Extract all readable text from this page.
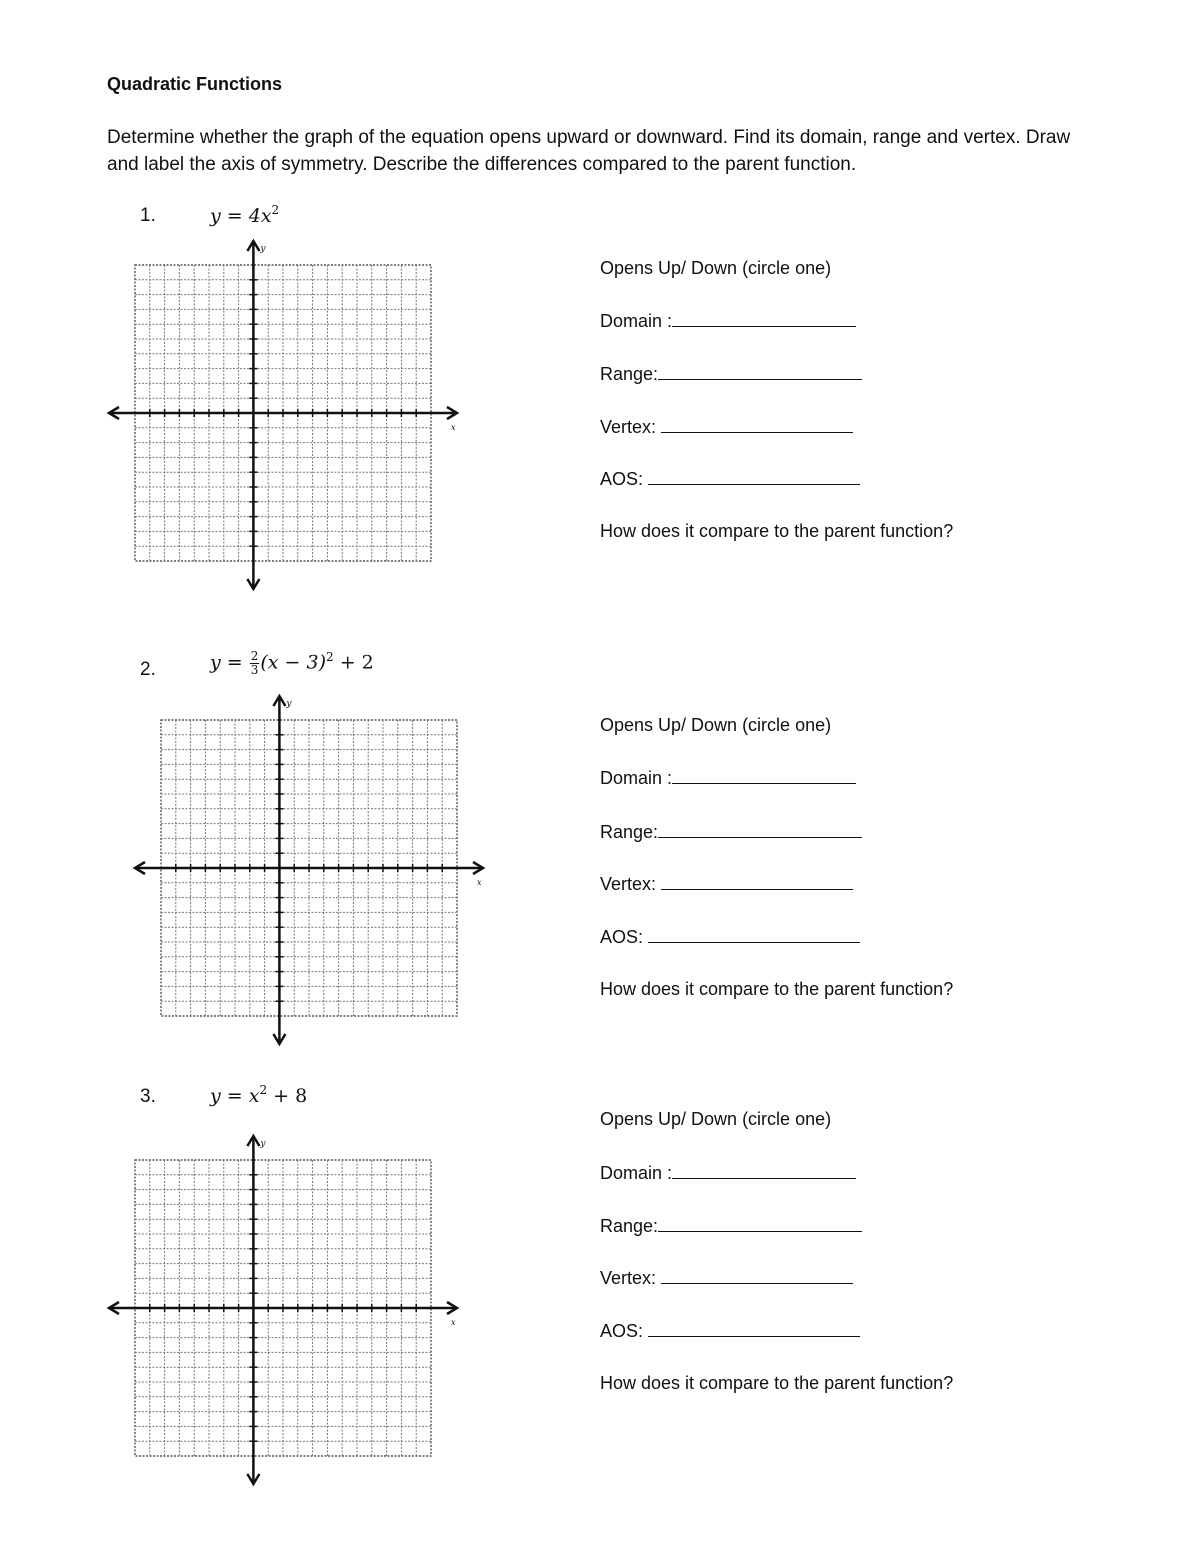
Quadratic Functions
Determine whether the graph of the equation opens upward or downward. Find its domain, range and vertex. Draw and label the axis of symmetry. Describe the differences compared to the parent function.
1.	$y = 4x^2$
x
y
Opens Up/ Down (circle one)
Domain :
Range:
Vertex:
AOS:
How does it compare to the parent function?
2.	$y = \frac{2}{3} (x - 3)^2 + 2$
x
y
Opens Up/ Down (circle one)
Domain :
Range:
Vertex:
AOS:
How does it compare to the parent function?
3.	$y = x^2 + 8$
x
y
Opens Up/ Down (circle one)
Domain :
Range:
Vertex:
AOS:
How does it compare to the parent function?
